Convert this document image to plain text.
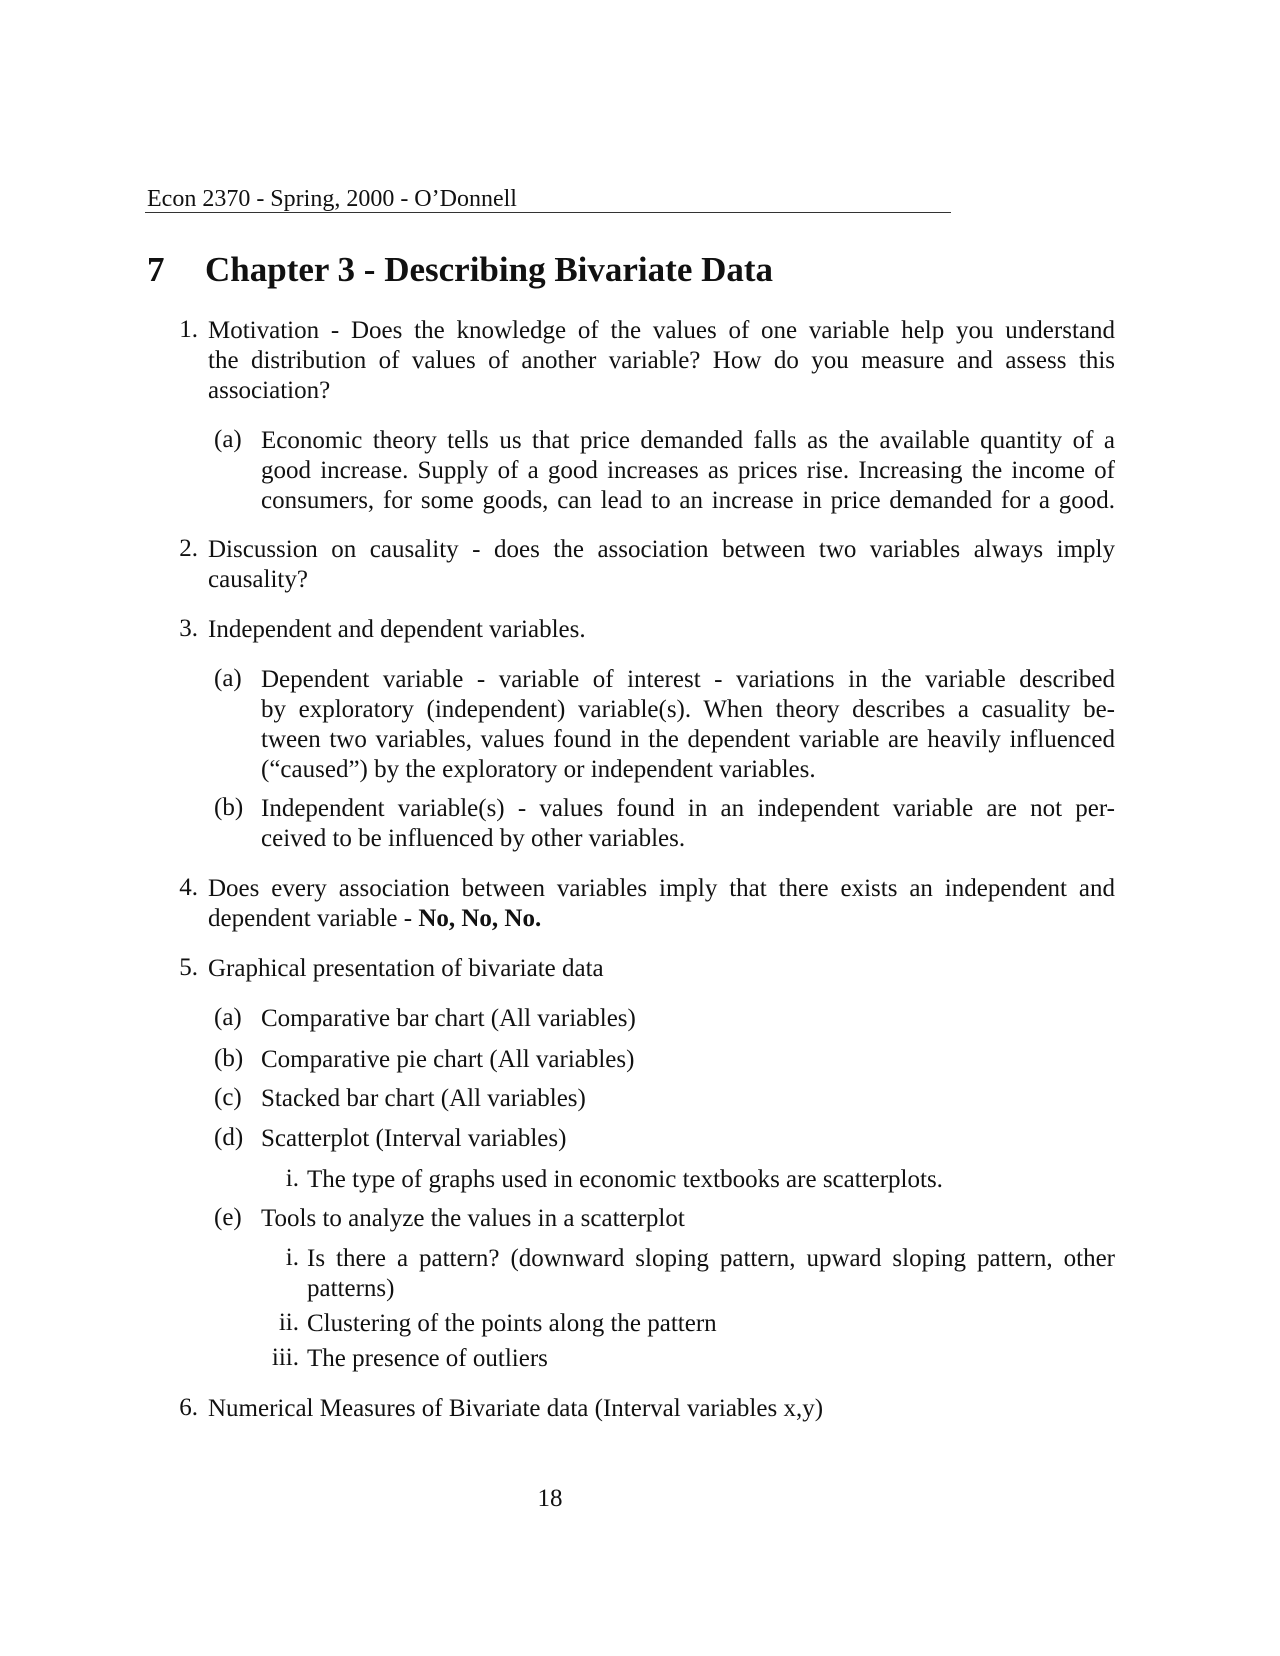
Econ 2370 - Spring, 2000 - O’Donnell
7 Chapter 3 - Describing Bivariate Data
1. Motivation - Does the knowledge of the values of one variable help you understand
the distribution of values of another variable? How do you measure and assess this
association?
(a) Economic theory tells us that price demanded falls as the available quantity of a
good increase. Supply of a good increases as prices rise. Increasing the income of
consumers, for some goods, can lead to an increase in price demanded for a good.
2. Discussion on causality - does the association between two variables always imply
causality?
3. Independent and dependent variables.
(a) Dependent variable - variable of interest - variations in the variable described
by exploratory (independent) variable(s). When theory describes a casuality be-
tween two variables, values found in the dependent variable are heavily influenced
(“caused”) by the exploratory or independent variables.
(b) Independent variable(s) - values found in an independent variable are not per-
ceived to be influenced by other variables.
4. Does every association between variables imply that there exists an independent and
dependent variable - No, No, No.
5. Graphical presentation of bivariate data
(a) Comparative bar chart (All variables)
(b) Comparative pie chart (All variables)
(c) Stacked bar chart (All variables)
(d) Scatterplot (Interval variables)
i. The type of graphs used in economic textbooks are scatterplots.
(e) Tools to analyze the values in a scatterplot
i. Is there a pattern? (downward sloping pattern, upward sloping pattern, other
patterns)
ii. Clustering of the points along the pattern
iii. The presence of outliers
6. Numerical Measures of Bivariate data (Interval variables x,y)
18
